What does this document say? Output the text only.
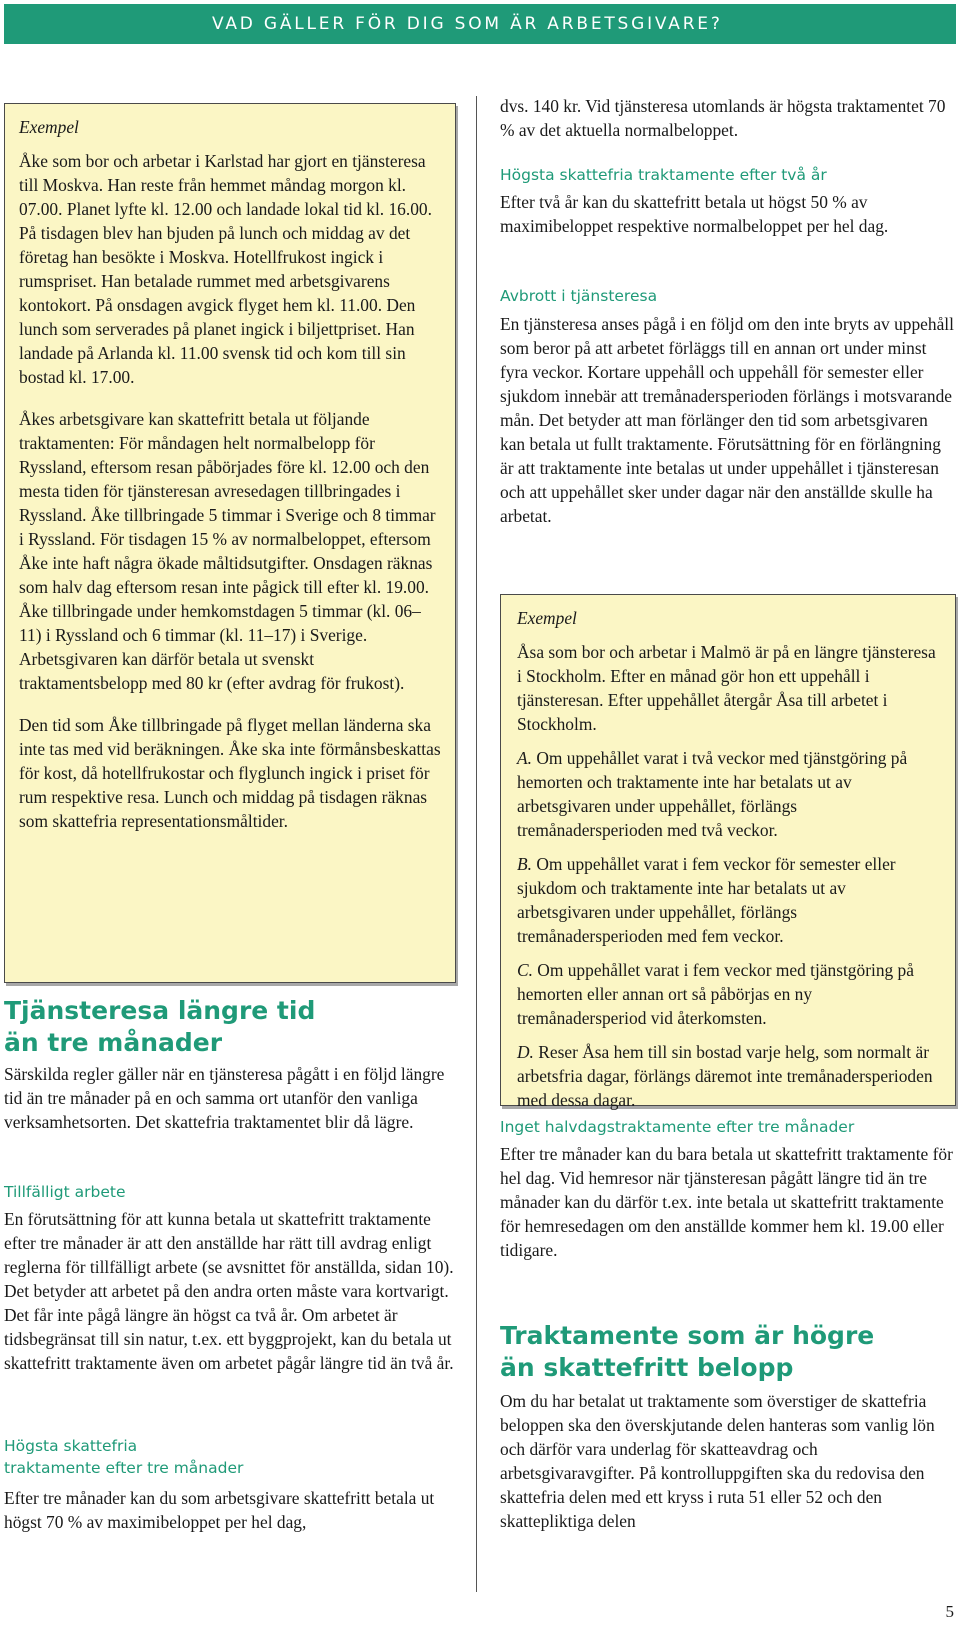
VAD GÄLLER FÖR DIG SOM ÄR ARBETSGIVARE?

Exempel

Åke som bor och arbetar i Karlstad har gjort en tjänsteresa till Moskva. Han reste från hemmet måndag morgon kl. 07.00. Planet lyfte kl. 12.00 och landade lokal tid kl. 16.00. På tisdagen blev han bjuden på lunch och middag av det företag han besökte i Moskva. Hotellfrukost ingick i rumspriset. Han betalade rummet med arbetsgivarens kontokort. På onsdagen avgick flyget hem kl. 11.00. Den lunch som serverades på planet ingick i biljettpriset. Han landade på Arlanda kl. 11.00 svensk tid och kom till sin bostad kl. 17.00.

Åkes arbetsgivare kan skattefritt betala ut följande traktamenten: För måndagen helt normalbelopp för Ryssland, eftersom resan påbörjades före kl. 12.00 och den mesta tiden för tjänsteresan avresedagen tillbringades i Ryssland. Åke tillbringade 5 timmar i Sverige och 8 timmar i Ryssland. För tisdagen 15 % av normalbeloppet, eftersom Åke inte haft några ökade måltidsutgifter. Onsdagen räknas som halv dag eftersom resan inte pågick till efter kl. 19.00. Åke tillbringade under hemkomstdagen 5 timmar (kl. 06–11) i Ryssland och 6 timmar (kl. 11–17) i Sverige. Arbetsgivaren kan därför betala ut svenskt traktamentsbelopp med 80 kr (efter avdrag för frukost).

Den tid som Åke tillbringade på flyget mellan länderna ska inte tas med vid beräkningen. Åke ska inte förmånsbeskattas för kost, då hotellfrukostar och flyglunch ingick i priset för rum respektive resa. Lunch och middag på tisdagen räknas som skattefria representationsmåltider.

Tjänsteresa längre tid än tre månader
Särskilda regler gäller när en tjänsteresa pågått i en följd längre tid än tre månader på en och samma ort utanför den vanliga verksamhetsorten. Det skattefria traktamentet blir då lägre.
Tillfälligt arbete
En förutsättning för att kunna betala ut skattefritt traktamente efter tre månader är att den anställde har rätt till avdrag enligt reglerna för tillfälligt arbete (se avsnittet för anställda, sidan 10). Det betyder att arbetet på den andra orten måste vara kortvarigt. Det får inte pågå längre än högst ca två år. Om arbetet är tidsbegränsat till sin natur, t.ex. ett byggprojekt, kan du betala ut skattefritt traktamente även om arbetet pågår längre tid än två år.
Högsta skattefria
traktamente efter tre månader
Efter tre månader kan du som arbetsgivare skattefritt betala ut högst 70 % av maximibeloppet per hel dag,
dvs. 140 kr. Vid tjänsteresa utomlands är högsta traktamentet 70 % av det aktuella normalbeloppet.
Högsta skattefria traktamente efter två år
Efter två år kan du skattefritt betala ut högst 50 % av maximibeloppet respektive normalbeloppet per hel dag.
Avbrott i tjänsteresa
En tjänsteresa anses pågå i en följd om den inte bryts av uppehåll som beror på att arbetet förläggs till en annan ort under minst fyra veckor. Kortare uppehåll och uppehåll för semester eller sjukdom innebär att tremånadersperioden förlängs i motsvarande mån. Det betyder att man förlänger den tid som arbetsgivaren kan betala ut fullt traktamente. Förutsättning för en förlängning är att traktamente inte betalas ut under uppehållet i tjänsteresan och att uppehållet sker under dagar när den anställde skulle ha arbetat.

Exempel

Åsa som bor och arbetar i Malmö är på en längre tjänsteresa i Stockholm. Efter en månad gör hon ett uppehåll i tjänsteresan. Efter uppehållet återgår Åsa till arbetet i Stockholm.

A. Om uppehållet varat i två veckor med tjänstgöring på hemorten och traktamente inte har betalats ut av arbetsgivaren under uppehållet, förlängs tremånadersperioden med två veckor.

B. Om uppehållet varat i fem veckor för semester eller sjukdom och traktamente inte har betalats ut av arbetsgivaren under uppehållet, förlängs tremånadersperioden med fem veckor.

C. Om uppehållet varat i fem veckor med tjänstgöring på hemorten eller annan ort så påbörjas en ny tremånadersperiod vid återkomsten.

D. Reser Åsa hem till sin bostad varje helg, som normalt är arbetsfria dagar, förlängs däremot inte tremånadersperioden med dessa dagar.

Inget halvdagstraktamente efter tre månader
Efter tre månader kan du bara betala ut skattefritt traktamente för hel dag. Vid hemresor när tjänsteresan pågått längre tid än tre månader kan du därför t.ex. inte betala ut skattefritt traktamente för hemresedagen om den anställde kommer hem kl. 19.00 eller tidigare.
Traktamente som är högre än skattefritt belopp
Om du har betalat ut traktamente som överstiger de skattefria beloppen ska den överskjutande delen hanteras som vanlig lön och därför vara underlag för skatteavdrag och arbetsgivaravgifter. På kontrolluppgiften ska du redovisa den skattefria delen med ett kryss i ruta 51 eller 52 och den skattepliktiga delen
5
